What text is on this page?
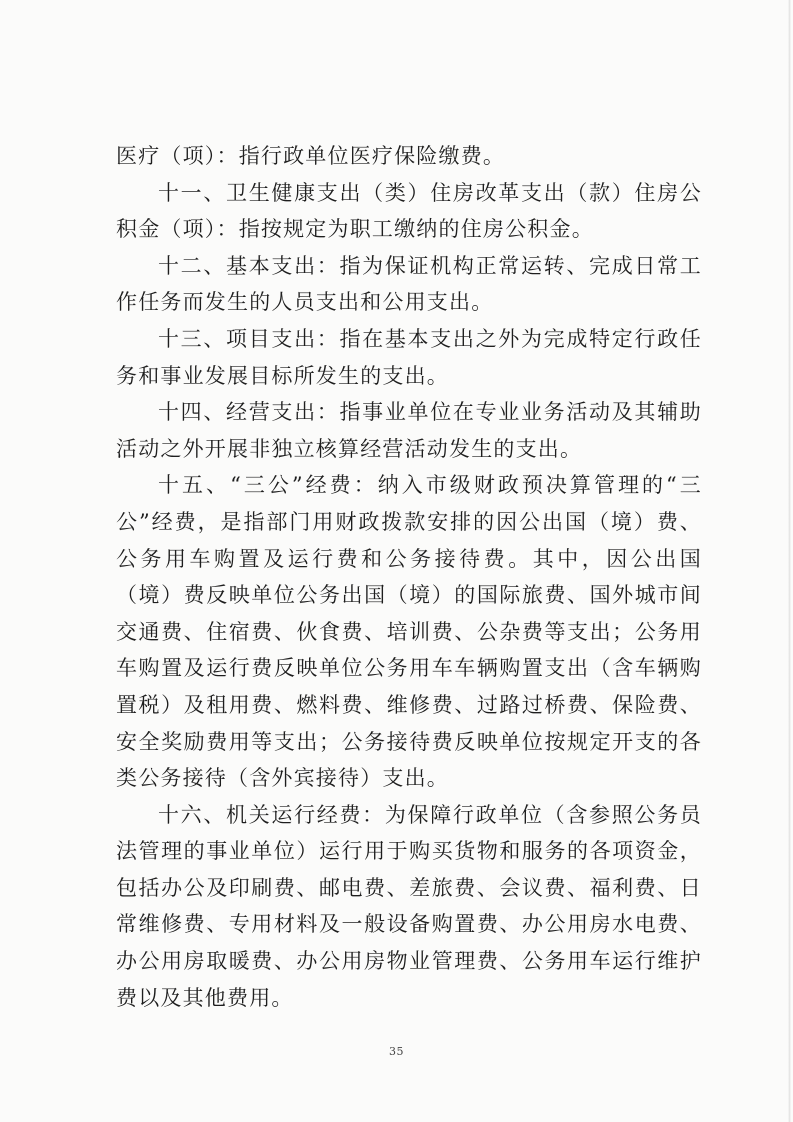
医疗（项）：指行政单位医疗保险缴费。

十一、卫生健康支出（类）住房改革支出（款）住房公积金（项）：指按规定为职工缴纳的住房公积金。

十二、基本支出：指为保证机构正常运转、完成日常工作任务而发生的人员支出和公用支出。

十三、项目支出：指在基本支出之外为完成特定行政任务和事业发展目标所发生的支出。

十四、经营支出：指事业单位在专业业务活动及其辅助活动之外开展非独立核算经营活动发生的支出。

十五、“三公”经费：纳入市级财政预决算管理的“三公”经费，是指部门用财政拨款安排的因公出国（境）费、公务用车购置及运行费和公务接待费。其中，因公出国（境）费反映单位公务出国（境）的国际旅费、国外城市间交通费、住宿费、伙食费、培训费、公杂费等支出；公务用车购置及运行费反映单位公务用车车辆购置支出（含车辆购置税）及租用费、燃料费、维修费、过路过桥费、保险费、安全奖励费用等支出；公务接待费反映单位按规定开支的各类公务接待（含外宾接待）支出。

十六、机关运行经费：为保障行政单位（含参照公务员法管理的事业单位）运行用于购买货物和服务的各项资金，包括办公及印刷费、邮电费、差旅费、会议费、福利费、日常维修费、专用材料及一般设备购置费、办公用房水电费、办公用房取暖费、办公用房物业管理费、公务用车运行维护费以及其他费用。

35
